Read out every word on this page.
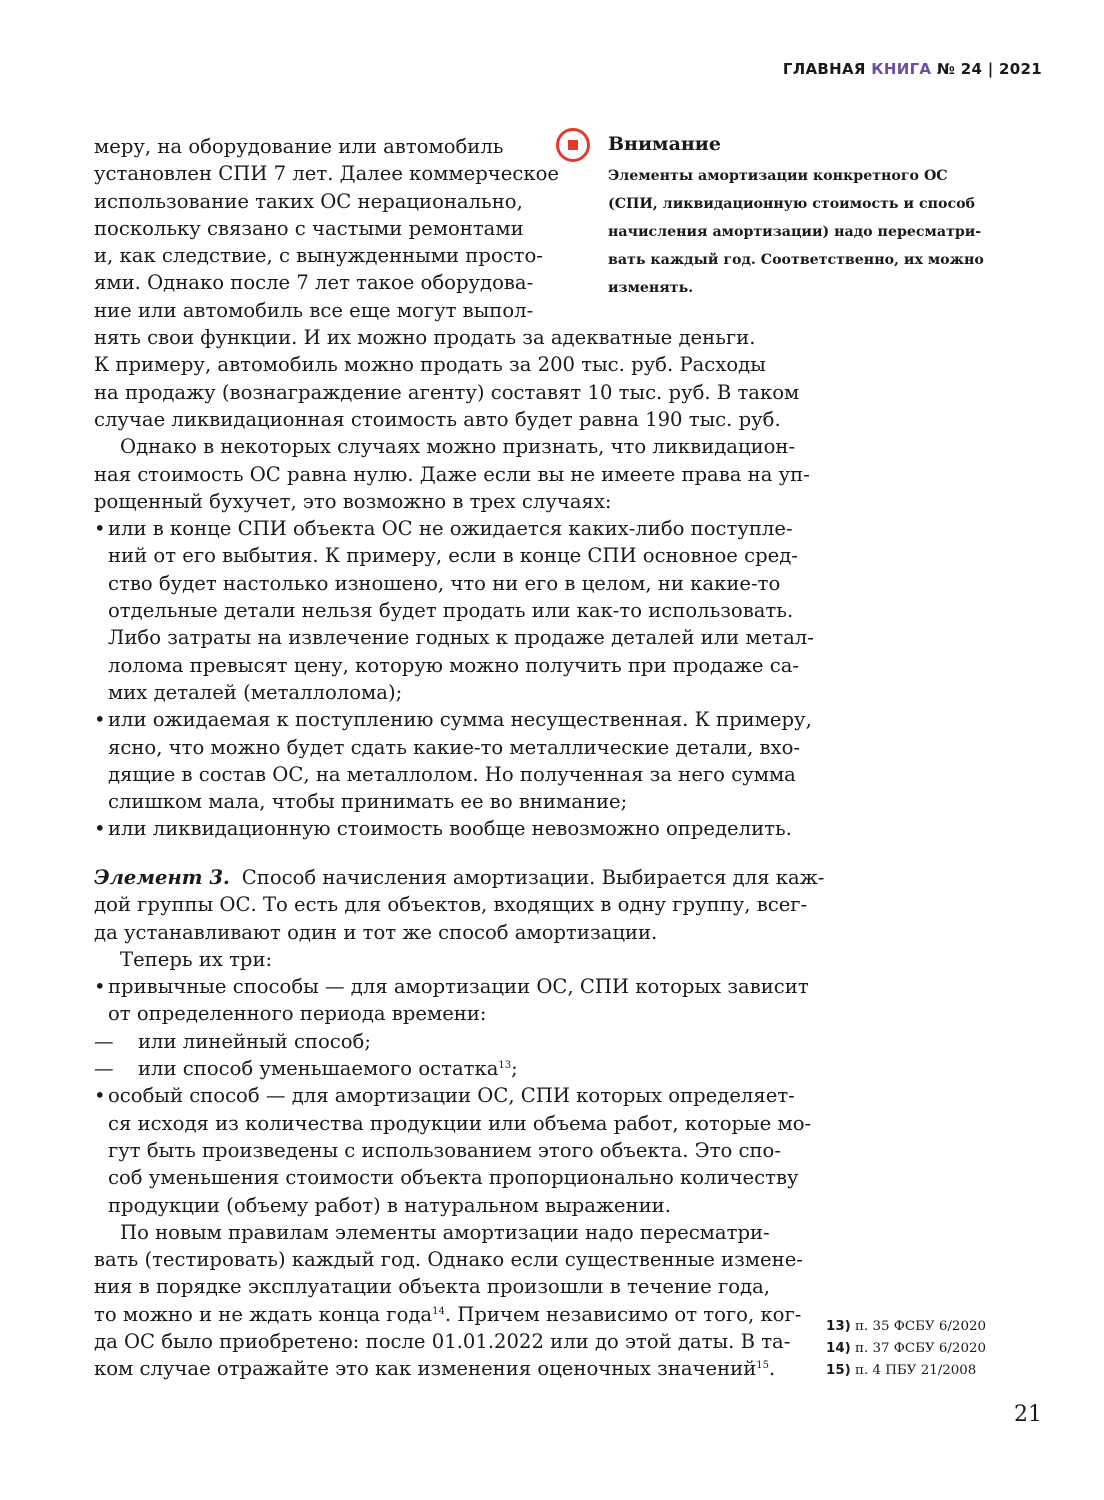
ГЛАВНАЯ КНИГА № 24 | 2021
Внимание
Элементы амортизации конкретного ОС
(СПИ, ликвидационную стоимость и способ
начисления амортизации) надо пересматри-
вать каждый год. Соответственно, их можно
изменять.
меру, на оборудование или автомобиль
установлен СПИ 7 лет. Далее коммерческое
использование таких ОС нерационально,
поскольку связано с частыми ремонтами
и, как следствие, с вынужденными просто-
ями. Однако после 7 лет такое оборудова-
ние или автомобиль все еще могут выпол-
нять свои функции. И их можно продать за адекватные деньги.
К примеру, автомобиль можно продать за 200 тыс. руб. Расходы
на продажу (вознаграждение агенту) составят 10 тыс. руб. В таком
случае ликвидационная стоимость авто будет равна 190 тыс. руб.
Однако в некоторых случаях можно признать, что ликвидацион-
ная стоимость ОС равна нулю. Даже если вы не имеете права на уп-
рощенный бухучет, это возможно в трех случаях:
• или в конце СПИ объекта ОС не ожидается каких-либо поступле-
ний от его выбытия. К примеру, если в конце СПИ основное сред-
ство будет настолько изношено, что ни его в целом, ни какие-то
отдельные детали нельзя будет продать или как-то использовать.
Либо затраты на извлечение годных к продаже деталей или метал-
лолома превысят цену, которую можно получить при продаже са-
мих деталей (металлолома);
• или ожидаемая к поступлению сумма несущественная. К примеру,
ясно, что можно будет сдать какие-то металлические детали, вхо-
дящие в состав ОС, на металлолом. Но полученная за него сумма
слишком мала, чтобы принимать ее во внимание;
• или ликвидационную стоимость вообще невозможно определить.
Элемент 3. Способ начисления амортизации. Выбирается для каж-
дой группы ОС. То есть для объектов, входящих в одну группу, всег-
да устанавливают один и тот же способ амортизации.
Теперь их три:
• привычные способы — для амортизации ОС, СПИ которых зависит
от определенного периода времени:
— или линейный способ;
— или способ уменьшаемого остатка$^{13}$;
• особый способ — для амортизации ОС, СПИ которых определяет-
ся исходя из количества продукции или объема работ, которые мо-
гут быть произведены с использованием этого объекта. Это спо-
соб уменьшения стоимости объекта пропорционально количеству
продукции (объему работ) в натуральном выражении.
По новым правилам элементы амортизации надо пересматри-
вать (тестировать) каждый год. Однако если существенные измене-
ния в порядке эксплуатации объекта произошли в течение года,
то можно и не ждать конца года$^{14}$. Причем независимо от того, ког-
да ОС было приобретено: после 01.01.2022 или до этой даты. В та-
ком случае отражайте это как изменения оценочных значений$^{15}$.
13) п. 35 ФСБУ 6/2020
14) п. 37 ФСБУ 6/2020
15) п. 4 ПБУ 21/2008
21
